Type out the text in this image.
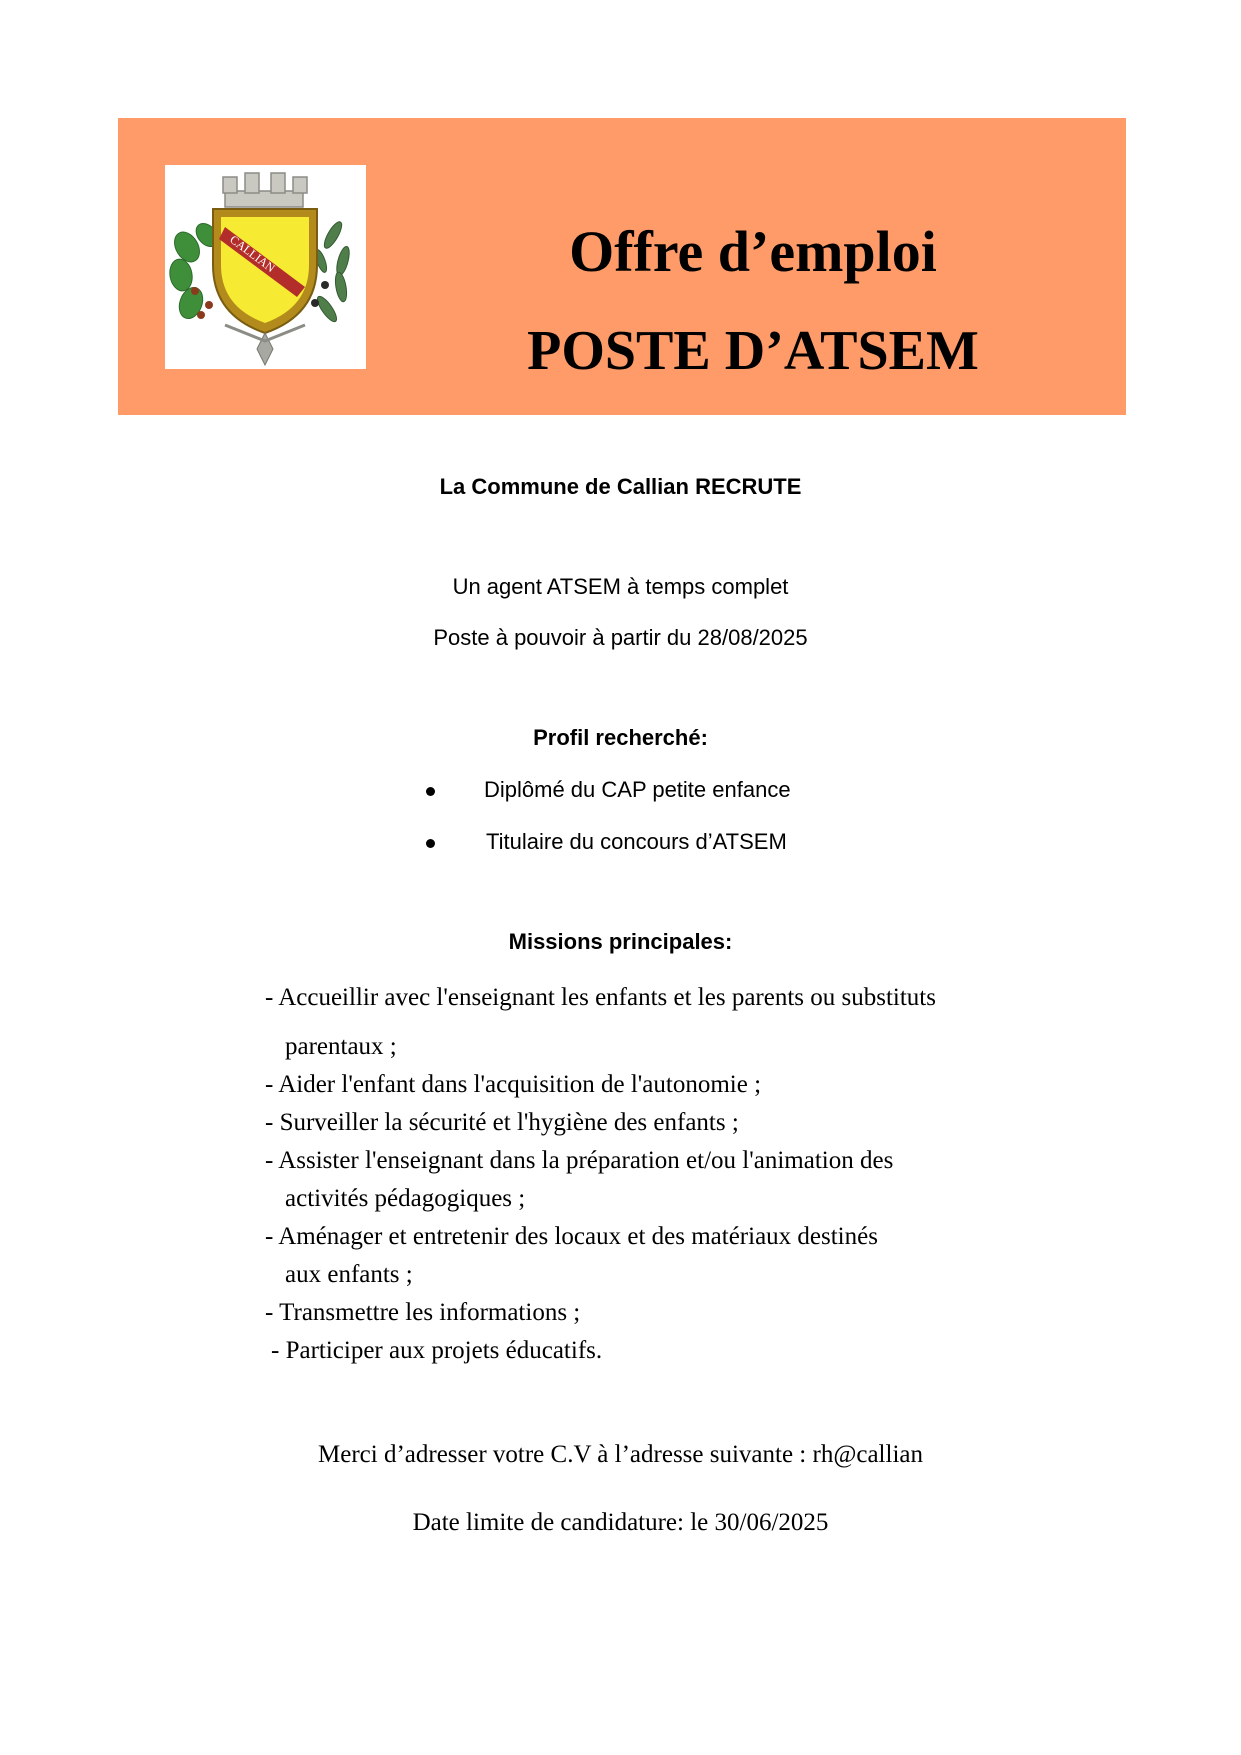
CALLIAN	Offre d’emploi
POSTE D’ATSEM
La Commune de Callian RECRUTE
Un agent ATSEM à temps complet
Poste à pouvoir à partir du 28/08/2025
Profil recherché:
Diplômé du CAP petite enfance
Titulaire du concours d’ATSEM
Missions principales:
- Accueillir avec l'enseignant les enfants et les parents ou substituts
parentaux ;
- Aider l'enfant dans l'acquisition de l'autonomie ;
- Surveiller la sécurité et l'hygiène des enfants ;
- Assister l'enseignant dans la préparation et/ou l'animation des
activités pédagogiques ;
- Aménager et entretenir des locaux et des matériaux destinés
aux enfants ;
- Transmettre les informations ;
- Participer aux projets éducatifs.
Merci d’adresser votre C.V à l’adresse suivante : rh@callian
Date limite de candidature: le 30/06/2025
